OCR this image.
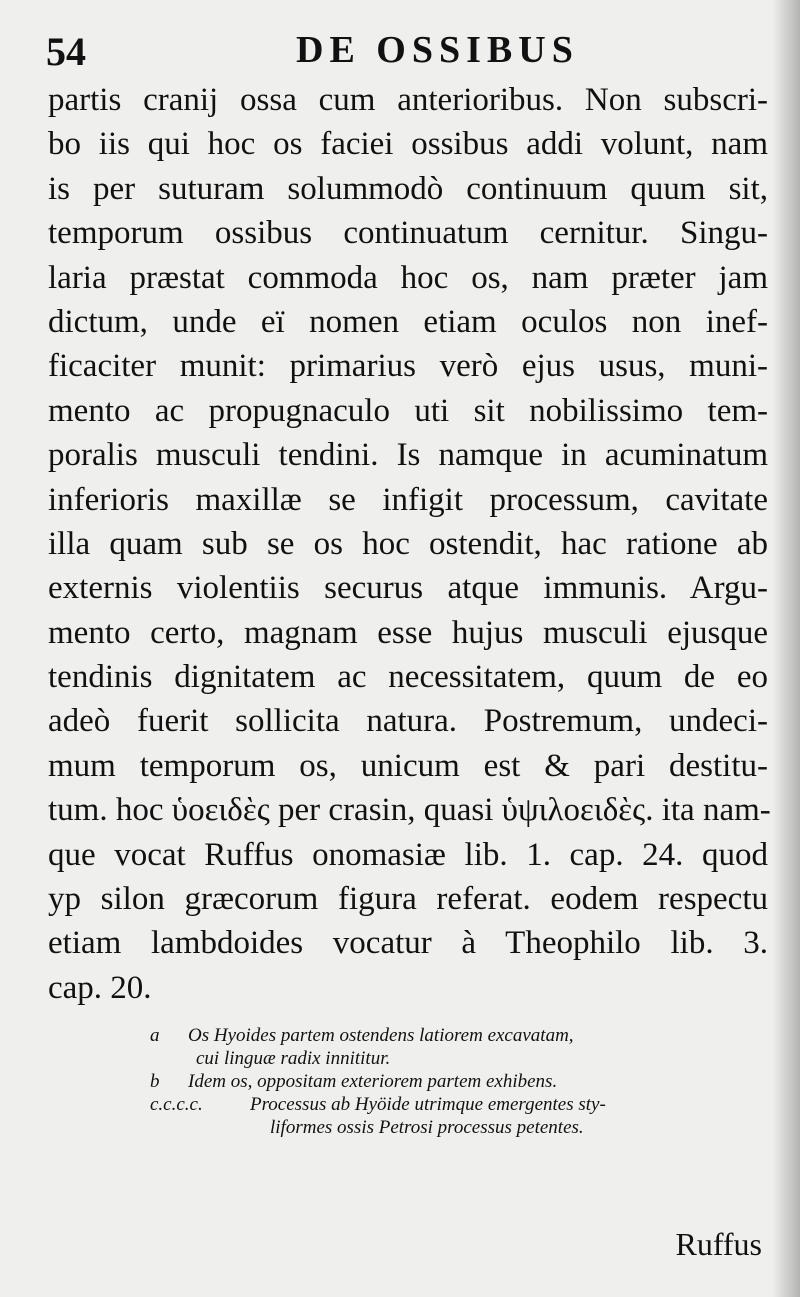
54	DE OSSIBUS
partis cranij ossa cum anterioribus. Non subscri-
bo iis qui hoc os faciei ossibus addi volunt, nam
is per suturam solummodò continuum quum sit,
temporum ossibus continuatum cernitur. Singu-
laria præstat commoda hoc os, nam præter jam
dictum, unde eï nomen etiam oculos non inef-
ficaciter munit: primarius verò ejus usus, muni-
mento ac propugnaculo uti sit nobilissimo tem-
poralis musculi tendini. Is namque in acuminatum
inferioris maxillæ se infigit processum, cavitate
illa quam sub se os hoc ostendit, hac ratione ab
externis violentiis securus atque immunis. Argu-
mento certo, magnam esse hujus musculi ejusque
tendinis dignitatem ac necessitatem, quum de eo
adeò fuerit sollicita natura. Postremum, undeci-
mum temporum os, unicum est & pari destitu-
tum. hoc ὑοειδὲς per crasin, quasi ὑψιλοειδὲς. ita nam-
que vocat Ruffus onomasiæ lib. 1. cap. 24. quod
yp silon græcorum figura referat. eodem respectu
etiam lambdoides vocatur à Theophilo lib. 3.
cap. 20.
a Os Hyoides partem ostendens latiorem excavatam,
cui linguæ radix innititur.
b Idem os, oppositam exteriorem partem exhibens.
c.c.c.c. Processus ab Hyöide utrimque emergentes sty-
liformes ossis Petrosi processus petentes.
Ruffus
